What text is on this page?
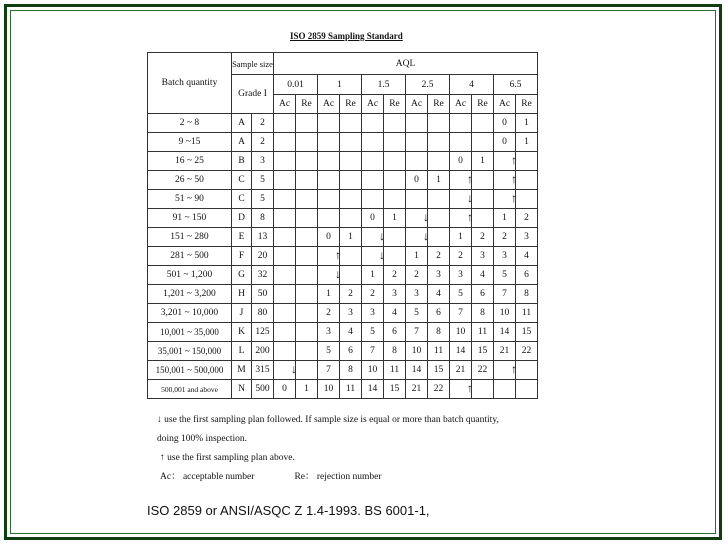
ISO 2859 Sampling Standard
Batch quantity	Sample size		AQL											
	Grade I		0.01		1		1.5		2.5		4		6.5	
			Ac	Re	Ac	Re	Ac	Re	Ac	Re	Ac	Re	Ac	Re
2 ~ 8	A	2											0	1
9 ~15	A	2											0	1
16 ~ 25	B	3									0	1	↑	

26 ~ 50	C	5							0	1	↑		↑	

51 ~ 90	C	5									↓		↑	

91 ~ 150	D	8					0	1	↓		↑		1	2
151 ~ 280	E	13			0	1	↓		↓		1	2	2	3
281 ~ 500	F	20			↑		↓		1	2	2	3	3	4
501 ~ 1,200	G	32			↓		1	2	2	3	3	4	5	6
1,201 ~ 3,200	H	50			1	2	2	3	3	4	5	6	7	8
3,201 ~ 10,000	J	80			2	3	3	4	5	6	7	8	10	11
10,001 ~ 35,000	K	125			3	4	5	6	7	8	10	11	14	15
35,001 ~ 150,000	L	200			5	6	7	8	10	11	14	15	21	22
150,001 ~ 500,000	M	315	↓		7	8	10	11	14	15	21	22	↑	

500,001 and above	N	500	0	1	10	11	14	15	21	22	↑			

↓ use the first sampling plan followed. If sample size is equal or more than batch quantity,
doing 100% inspection.
↑ use the first sampling plan above.
Ac： acceptable number	Re： rejection number
ISO 2859 or ANSI/ASQC Z 1.4-1993. BS 6001-1,
